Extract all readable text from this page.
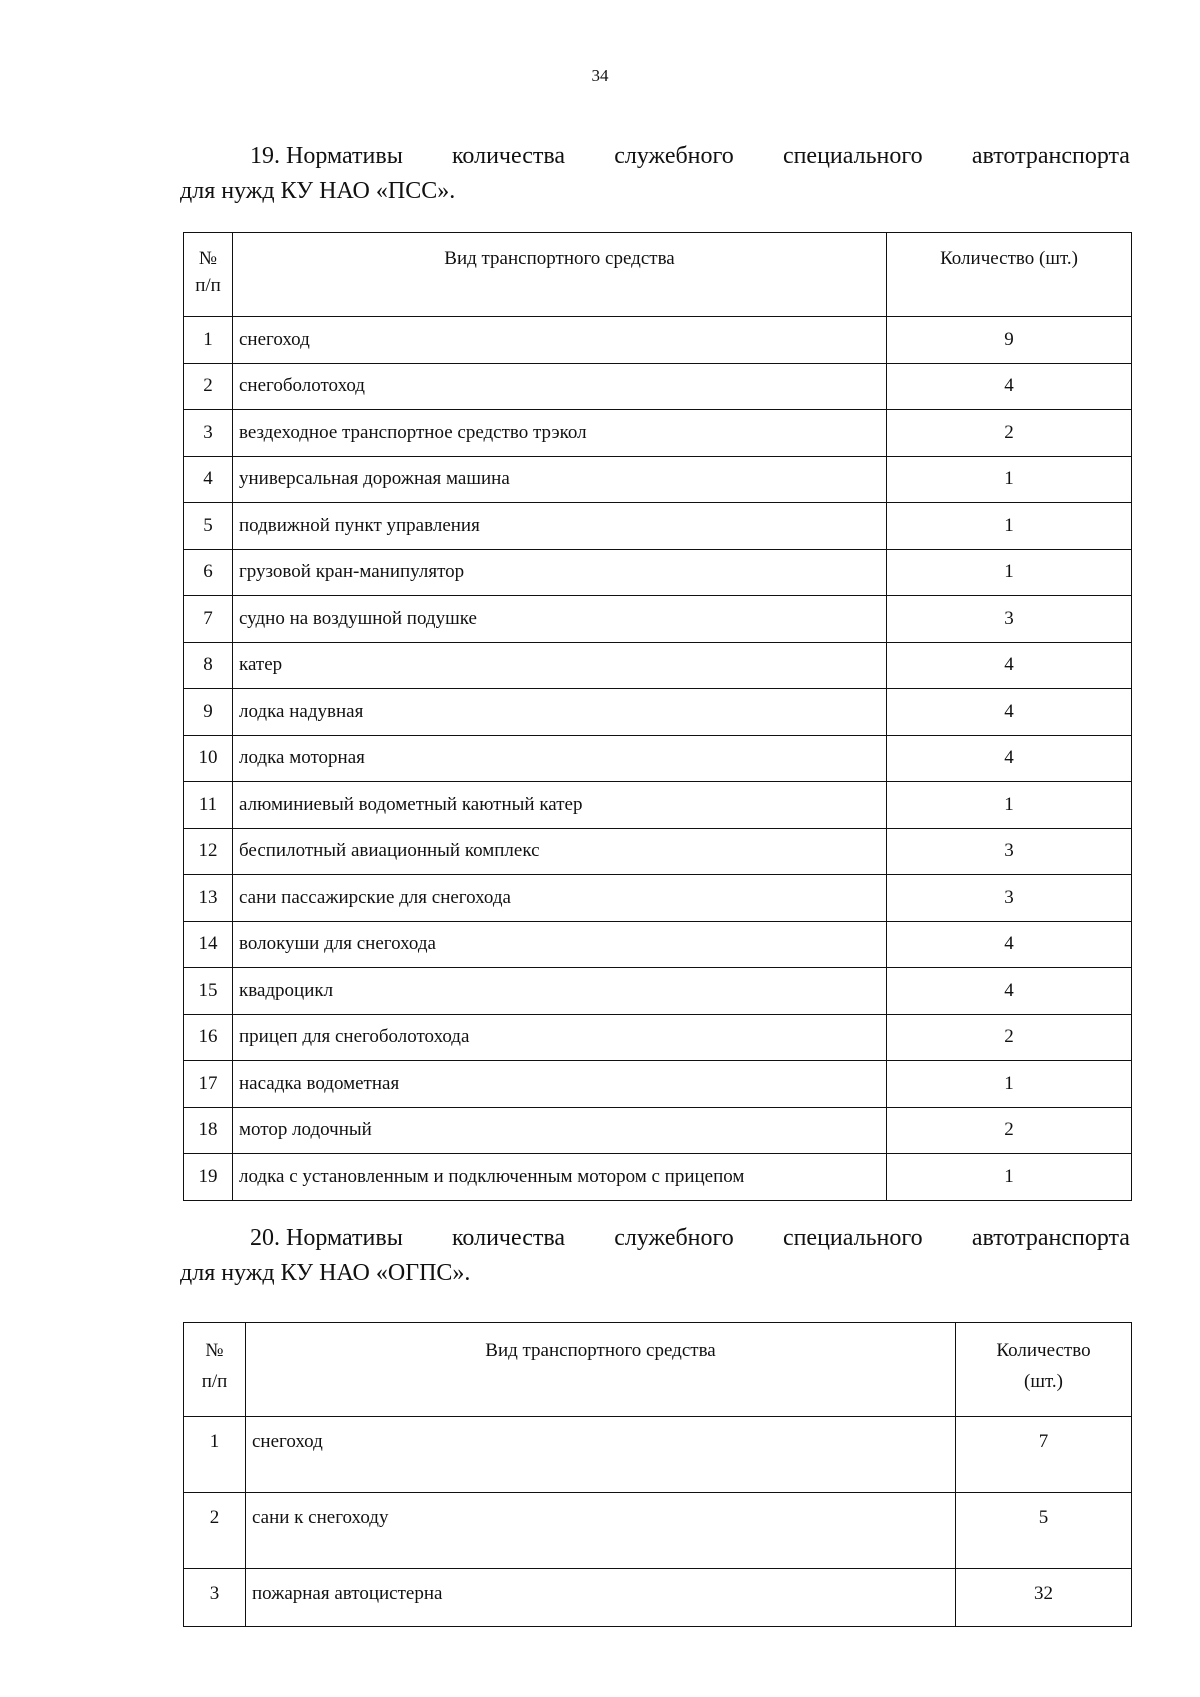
34
19. Нормативы количества служебного специального автотранспорта
для нужд КУ НАО «ПСС».
№
п/п	Вид транспортного средства	Количество (шт.)
1	снегоход	9
2	снегоболотоход	4
3	вездеходное транспортное средство трэкол	2
4	универсальная дорожная машина	1
5	подвижной пункт управления	1
6	грузовой кран-манипулятор	1
7	судно на воздушной подушке	3
8	катер	4
9	лодка надувная	4
10	лодка моторная	4
11	алюминиевый водометный каютный катер	1
12	беспилотный авиационный комплекс	3
13	сани пассажирские для снегохода	3
14	волокуши для снегохода	4
15	квадроцикл	4
16	прицеп для снегоболотохода	2
17	насадка водометная	1
18	мотор лодочный	2
19	лодка с установленным и подключенным мотором с прицепом	1
20. Нормативы количества служебного специального автотранспорта
для нужд КУ НАО «ОГПС».
№
п/п	Вид транспортного средства	Количество
(шт.)
1	снегоход	7
2	сани к снегоходу	5
3	пожарная автоцистерна	32
